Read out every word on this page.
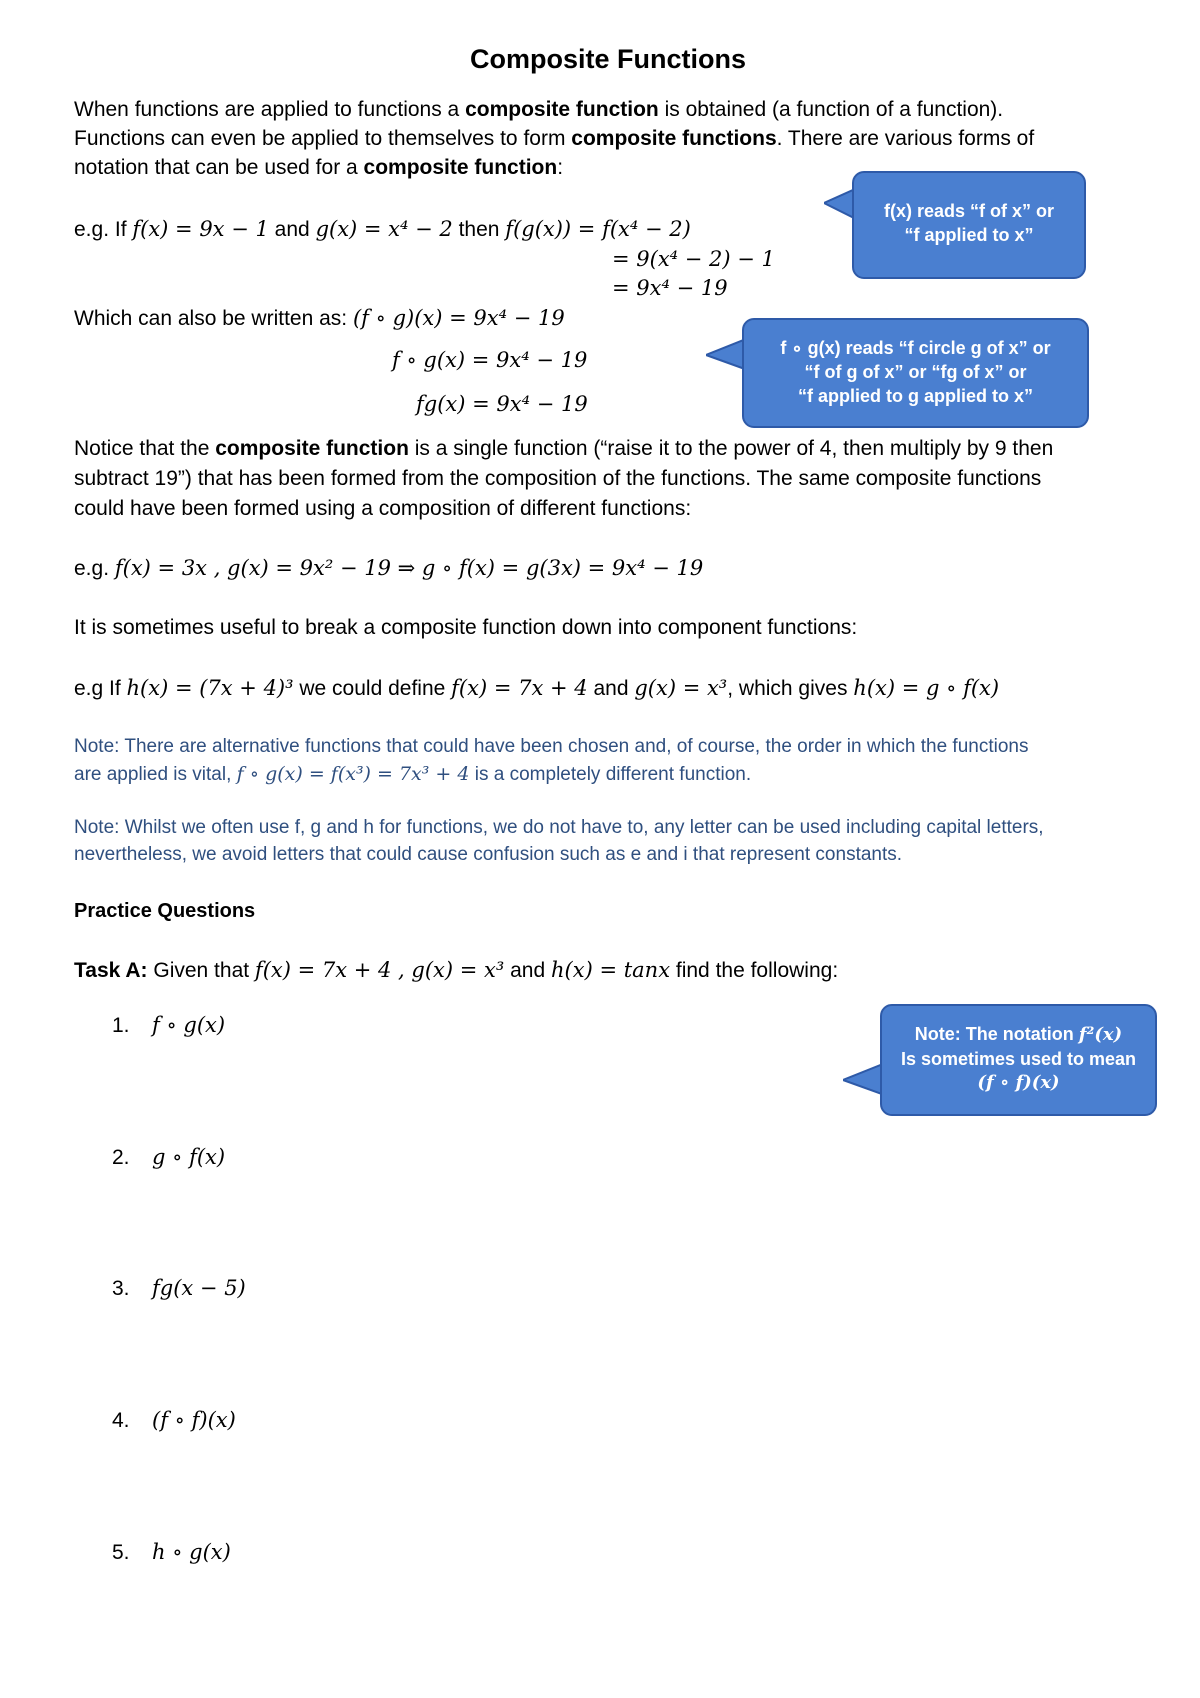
Composite Functions
When functions are applied to functions a composite function is obtained (a function of a function).
Functions can even be applied to themselves to form composite functions. There are various forms of
notation that can be used for a composite function:
e.g. If f(x) = 9x − 1 and g(x) = x⁴ − 2 then f(g(x)) = f(x⁴ − 2)
= 9(x⁴ − 2) − 1
= 9x⁴ − 19
Which can also be written as: (f ∘ g)(x) = 9x⁴ − 19
f ∘ g(x) = 9x⁴ − 19
fg(x) = 9x⁴ − 19
f(x) reads “f of x” or
“f applied to x”
f ∘ g(x) reads “f circle g of x” or
“f of g of x” or “fg of x” or
“f applied to g applied to x”
Notice that the composite function is a single function (“raise it to the power of 4, then multiply by 9 then
subtract 19”) that has been formed from the composition of the functions. The same composite functions
could have been formed using a composition of different functions:
e.g. f(x) = 3x , g(x) = 9x² − 19 ⇒ g ∘ f(x) = g(3x) = 9x⁴ − 19
It is sometimes useful to break a composite function down into component functions:
e.g If h(x) = (7x + 4)³ we could define f(x) = 7x + 4 and g(x) = x³, which gives h(x) = g ∘ f(x)
Note: There are alternative functions that could have been chosen and, of course, the order in which the functions
are applied is vital, f ∘ g(x) = f(x³) = 7x³ + 4 is a completely different function.
Note: Whilst we often use f, g and h for functions, we do not have to, any letter can be used including capital letters,
nevertheless, we avoid letters that could cause confusion such as e and i that represent constants.
Practice Questions
Task A: Given that f(x) = 7x + 4 , g(x) = x³ and h(x) = tanx find the following:
1. f ∘ g(x)
2. g ∘ f(x)
3. fg(x − 5)
4. (f ∘ f)(x)
5. h ∘ g(x)
Note: The notation f²(x)
Is sometimes used to mean
(f ∘ f)(x)
